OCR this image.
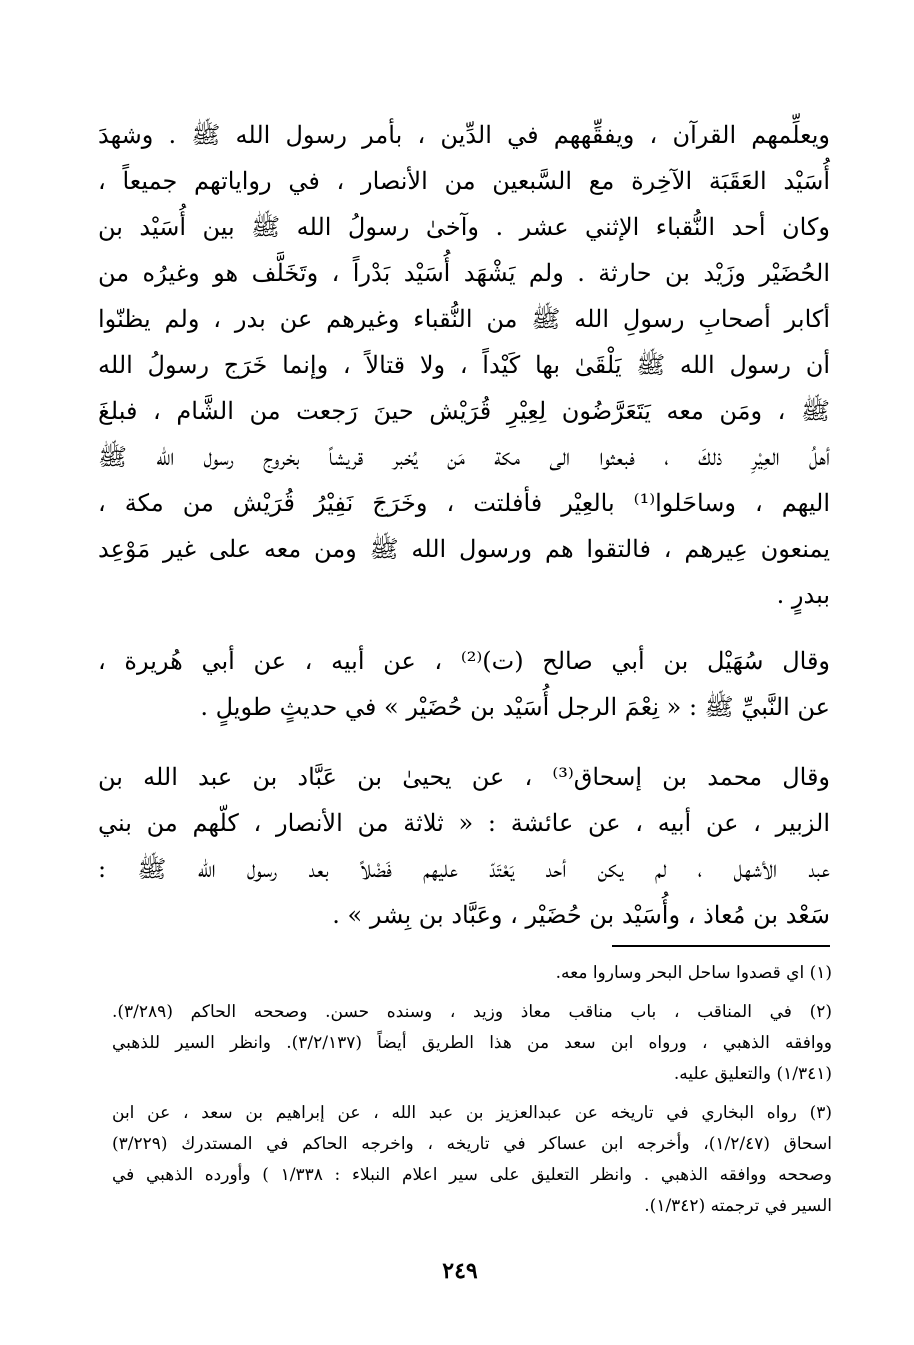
ويعلِّمهم القرآن ، ويفقِّههم في الدِّين ، بأمر رسول الله ﷺ . وشهدَ
أُسَيْد العَقَبَة الآخِرة مع السَّبعين من الأنصار ، في رواياتهم جميعاً ،
وكان أحد النُّقباء الإثني عشر . وآخىٰ رسولُ الله ﷺ بين أُسَيْد بن
الحُضَيْر وزَيْد بن حارثة . ولم يَشْهَد أُسَيْد بَدْراً ، وتَخَلَّف هو وغيرُه من
أكابر أصحابِ رسولِ الله ﷺ من النُّقباء وغيرهم عن بدر ، ولم يظنّوا
أن رسول الله ﷺ يَلْقَىٰ بها كَيْداً ، ولا قتالاً ، وإنما خَرَج رسولُ الله
ﷺ ، ومَن معه يَتَعَرَّضُون لِعِيْرِ قُرَيْش حينَ رَجعت من الشَّام ، فبلغَ
أهلُ العِيْرِ ذلكَ ، فبعثوا الى مكة مَن يُخبر قريشاً بخروج رسول الله ﷺ
اليهم ، وساحَلوا⁽¹⁾ بالعِيْر فأفلتت ، وخَرَجَ نَفِيْرُ قُرَيْش من مكة ،
يمنعون عِيرهم ، فالتقوا هم ورسول الله ﷺ ومن معه على غير مَوْعِد
ببدرٍ .
وقال سُهَيْل بن أبي صالح (ت)⁽²⁾ ، عن أبيه ، عن أبي هُريرة ،
عن النَّبيِّ ﷺ : « نِعْمَ الرجل أُسَيْد بن حُضَيْر » في حديثٍ طويلٍ .
وقال محمد بن إسحاق⁽³⁾ ، عن يحيىٰ بن عَبَّاد بن عبد الله بن
الزبير ، عن أبيه ، عن عائشة : « ثلاثة من الأنصار ، كلّهم من بني
عبد الأشهل ، لم يكن أحد يَعْتَدّ عليهم فَضْلاً بعد رسول الله ﷺ :
سَعْد بن مُعاذ ، وأُسَيْد بن حُضَيْر ، وعَبَّاد بن بِشر » .
(١) اي قصدوا ساحل البحر وساروا معه.
(٢) في المناقب ، باب مناقب معاذ وزيد ، وسنده حسن. وصححه الحاكم (٣/٢٨٩).
ووافقه الذهبي ، ورواه ابن سعد من هذا الطريق أيضاً (٣/٢/١٣٧). وانظر السير للذهبي
(١/٣٤١) والتعليق عليه.
(٣) رواه البخاري في تاريخه عن عبدالعزيز بن عبد الله ، عن إبراهيم بن سعد ، عن ابن
اسحاق (١/٢/٤٧)، وأخرجه ابن عساكر في تاريخه ، واخرجه الحاكم في المستدرك (٣/٢٢٩)
وصححه ووافقه الذهبي . وانظر التعليق على سير اعلام النبلاء : ١/٣٣٨ ) وأورده الذهبي في
السير في ترجمته (١/٣٤٢).
٢٤٩
